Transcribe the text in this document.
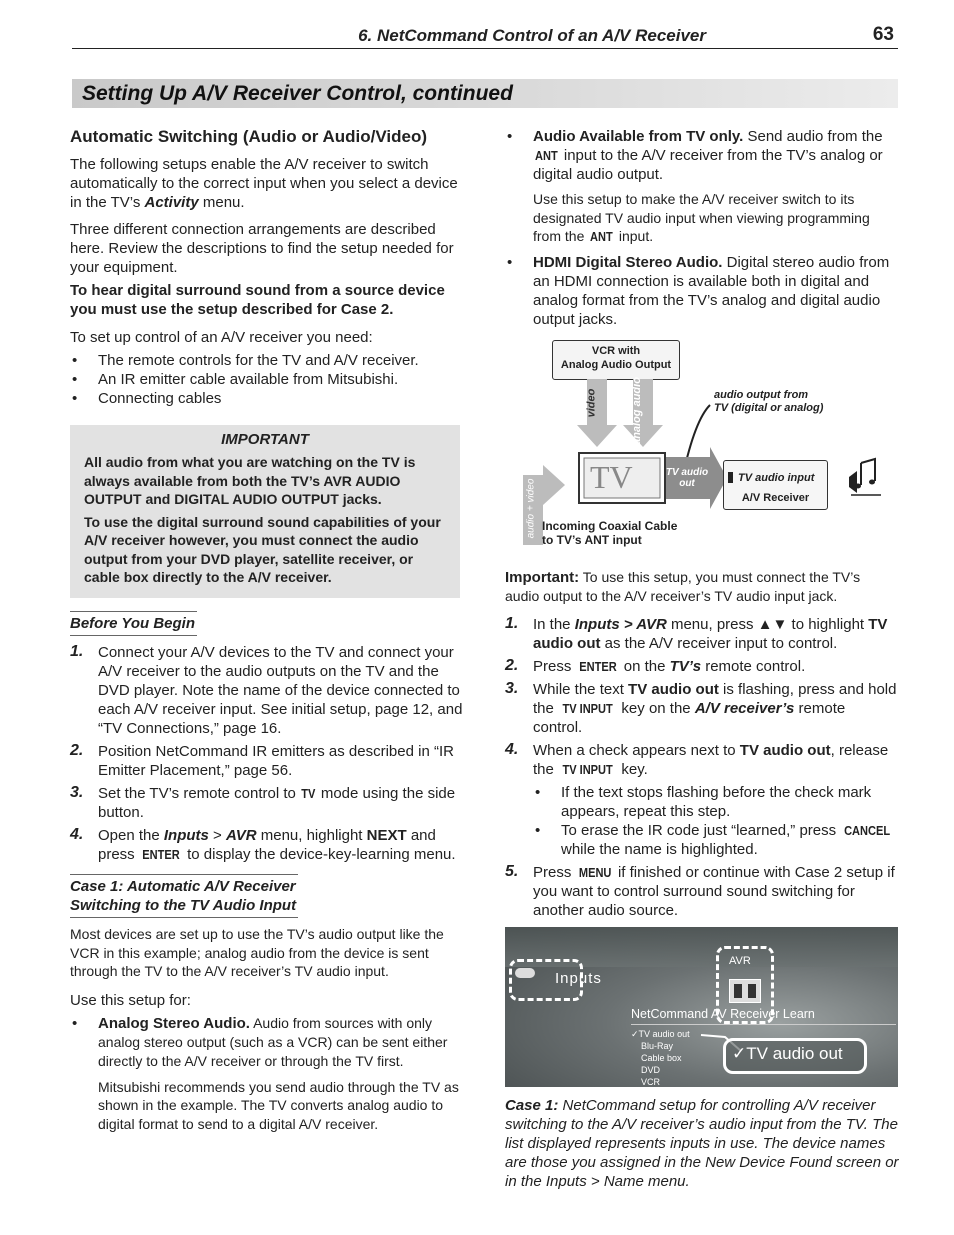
6. NetCommand Control of an A/V Receiver	63
Setting Up A/V Receiver Control, continued
Automatic Switching (Audio or Audio/Video)

The following setups enable the A/V receiver to switch automatically to the correct input when you select a device in the TV’s Activity menu.

Three different connection arrangements are described here. Review the descriptions to find the setup needed for your equipment.

To hear digital surround sound from a source device you must use the setup described for Case 2.

To set up control of an A/V receiver you need:

• The remote controls for the TV and A/V receiver.
• An IR emitter cable available from Mitsubishi.
• Connecting cables
IMPORTANT

All audio from what you are watching on the TV is always available from both the TV’s AVR AUDIO OUTPUT and DIGITAL AUDIO OUTPUT jacks.

To use the digital surround sound capabilities of your A/V receiver however, you must connect the audio output from your DVD player, satellite receiver, or cable box directly to the A/V receiver.

Before You Begin
1. Connect your A/V devices to the TV and connect your A/V receiver to the audio outputs on the TV and the DVD player. Note the name of the device connected to each A/V receiver input. See initial setup, page 12, and “TV Connections,” page 16.
2. Position NetCommand IR emitters as described in “IR Emitter Placement,” page 56.
3. Set the TV’s remote control to TV mode using the side button.
4. Open the Inputs > AVR menu, highlight NEXT and press ENTER to display the device-key-learning menu.
Case 1: Automatic A/V Receiver
Switching to the TV Audio Input

Most devices are set up to use the TV’s audio output like the VCR in this example; analog audio from the device is sent through the TV to the A/V receiver’s TV audio input.

Use this setup for:

• Analog Stereo Audio. Audio from sources with only analog stereo output (such as a VCR) can be sent either directly to the A/V receiver or through the TV first.

Mitsubishi recommends you send audio through the TV as shown in the example. The TV converts analog audio to digital format to send to a digital A/V receiver.

• Audio Available from TV only. Send audio from the ANT input to the A/V receiver from the TV’s analog or digital audio output.

Use this setup to make the A/V receiver switch to its designated TV audio input when viewing programming from the ANT input.

• HDMI Digital Stereo Audio. Digital stereo audio from an HDMI connection is available both in digital and analog format from the TV’s analog and digital audio output jacks.
VCR with
Analog Audio Output
video	analog audio	audio output from
TV (digital or analog)
TV	TV audio
out	TV audio input
A/V Receiver
audio + video Incoming Coaxial Cable
to TV’s ANT input

Important: To use this setup, you must connect the TV’s audio output to the A/V receiver’s TV audio input jack.

1. In the Inputs > AVR menu, press ▲▼ to highlight TV audio out as the A/V receiver input to control.
2. Press ENTER on the TV’s remote control.
3. While the text TV audio out is flashing, press and hold the TV INPUT key on the A/V receiver’s remote control.
4. When a check appears next to TV audio out, release the TV INPUT key.
• If the text stops flashing before the check mark appears, repeat this step.
• To erase the IR code just “learned,” press CANCEL while the name is highlighted.
5. Press MENU if finished or continue with Case 2 setup if you want to control surround sound switching for another audio source.
Inputs
AVR
NetCommand AV Receiver Learn
✓TV audio out
Blu-Ray
Cable box
DVD
VCR
✓TV audio out

Case 1: NetCommand setup for controlling A/V receiver switching to the A/V receiver’s audio input from the TV. The list displayed represents inputs in use. The device names are those you assigned in the New Device Found screen or in the Inputs > Name menu.
